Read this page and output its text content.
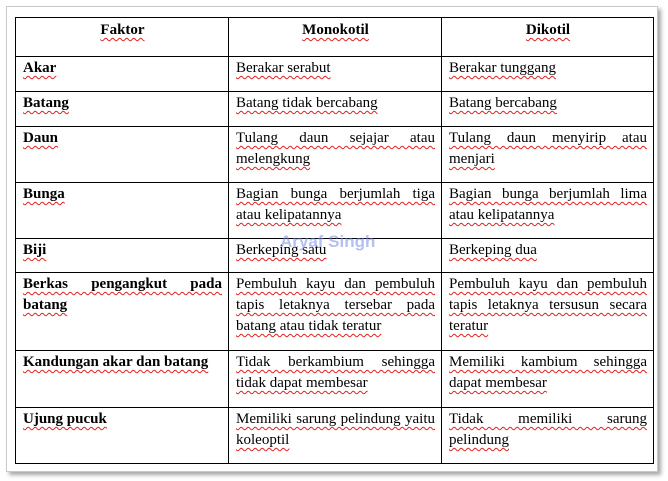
Faktor	Monokotil	Dikotil
Akar	Berakar serabut	Berakar tunggang
Batang	Batang tidak bercabang	Batang bercabang
Daun	Tulang daun sejajar atau melengkung	Tulang daun menyirip atau menjari
Bunga	Bagian bunga berjumlah tiga atau kelipatannya	Bagian bunga berjumlah lima atau kelipatannya
Biji	Berkeping satu	Berkeping dua
Berkas pengangkut pada batang	Pembuluh kayu dan pembuluh tapis letaknya tersebar pada batang atau tidak teratur	Pembuluh kayu dan pembuluh tapis letaknya tersusun secara teratur
Kandungan akar dan batang	Tidak berkambium sehingga tidak dapat membesar	Memiliki kambium sehingga dapat membesar
Ujung pucuk	Memiliki sarung pelindung yaitu koleoptil	Tidak memiliki sarung pelindung
Aryaf Singh
